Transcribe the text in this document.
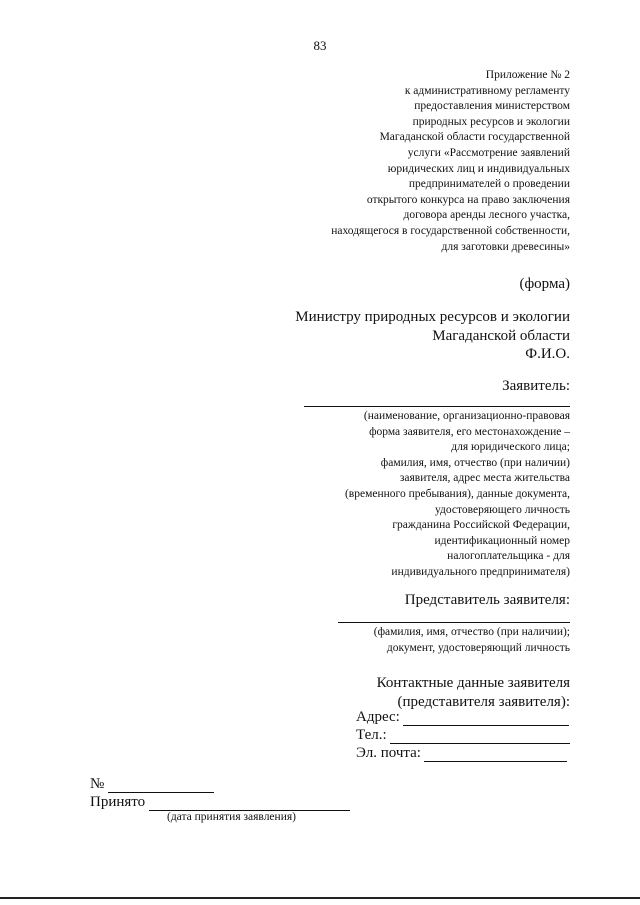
83
Приложение № 2
к административному регламенту
предоставления министерством
природных ресурсов и экологии
Магаданской области государственной
услуги «Рассмотрение заявлений
юридических лиц и индивидуальных
предпринимателей о проведении
открытого конкурса на право заключения
договора аренды лесного участка,
находящегося в государственной собственности,
для заготовки древесины»
(форма)
Министру природных ресурсов и экологии
Магаданской области
Ф.И.О.
Заявитель:
(наименование, организационно-правовая
форма заявителя, его местонахождение –
для юридического лица;
фамилия, имя, отчество (при наличии)
заявителя, адрес места жительства
(временного пребывания), данные документа,
удостоверяющего личность
гражданина Российской Федерации,
идентификационный номер
налогоплательщика - для
индивидуального предпринимателя)
Представитель заявителя:
(фамилия, имя, отчество (при наличии);
документ, удостоверяющий личность
Контактные данные заявителя
(представителя заявителя):
Адрес:
Тел.:
Эл. почта:
№
Принято
(дата принятия заявления)
